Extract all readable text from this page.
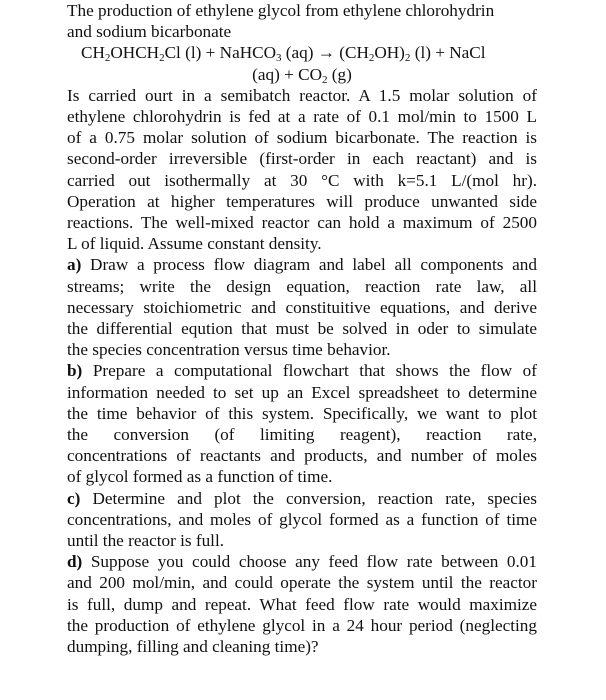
The production of ethylene glycol from ethylene chlorohydrin
and sodium bicarbonate
$CH_2OHCH_2Cl$ (l) + NaHCO$_3$ $(aq) \to (CH_2OH)_2$ (l) + NaCl
$(aq) + CO_2$ (g)
Is carried ourt in a semibatch reactor. A 1.5 molar solution of
ethylene chlorohydrin is fed at a rate of 0.1 mol/min to 1500 L
of a 0.75 molar solution of sodium bicarbonate. The reaction is
second-order irreversible (first-order in each reactant) and is
carried out isothermally at 30 °C with k=5.1 L/(mol hr).
Operation at higher temperatures will produce unwanted side
reactions. The well-mixed reactor can hold a maximum of 2500
L of liquid. Assume constant density.
a) Draw a process flow diagram and label all components and
streams; write the design equation, reaction rate law, all
necessary stoichiometric and constituitive equations, and derive
the differential eqution that must be solved in oder to simulate
the species concentration versus time behavior.
b) Prepare a computational flowchart that shows the flow of
information needed to set up an Excel spreadsheet to determine
the time behavior of this system. Specifically, we want to plot
the conversion (of limiting reagent), reaction rate,
concentrations of reactants and products, and number of moles
of glycol formed as a function of time.
c) Determine and plot the conversion, reaction rate, species
concentrations, and moles of glycol formed as a function of time
until the reactor is full.
d) Suppose you could choose any feed flow rate between 0.01
and 200 mol/min, and could operate the system until the reactor
is full, dump and repeat. What feed flow rate would maximize
the production of ethylene glycol in a 24 hour period (neglecting
dumping, filling and cleaning time)?
